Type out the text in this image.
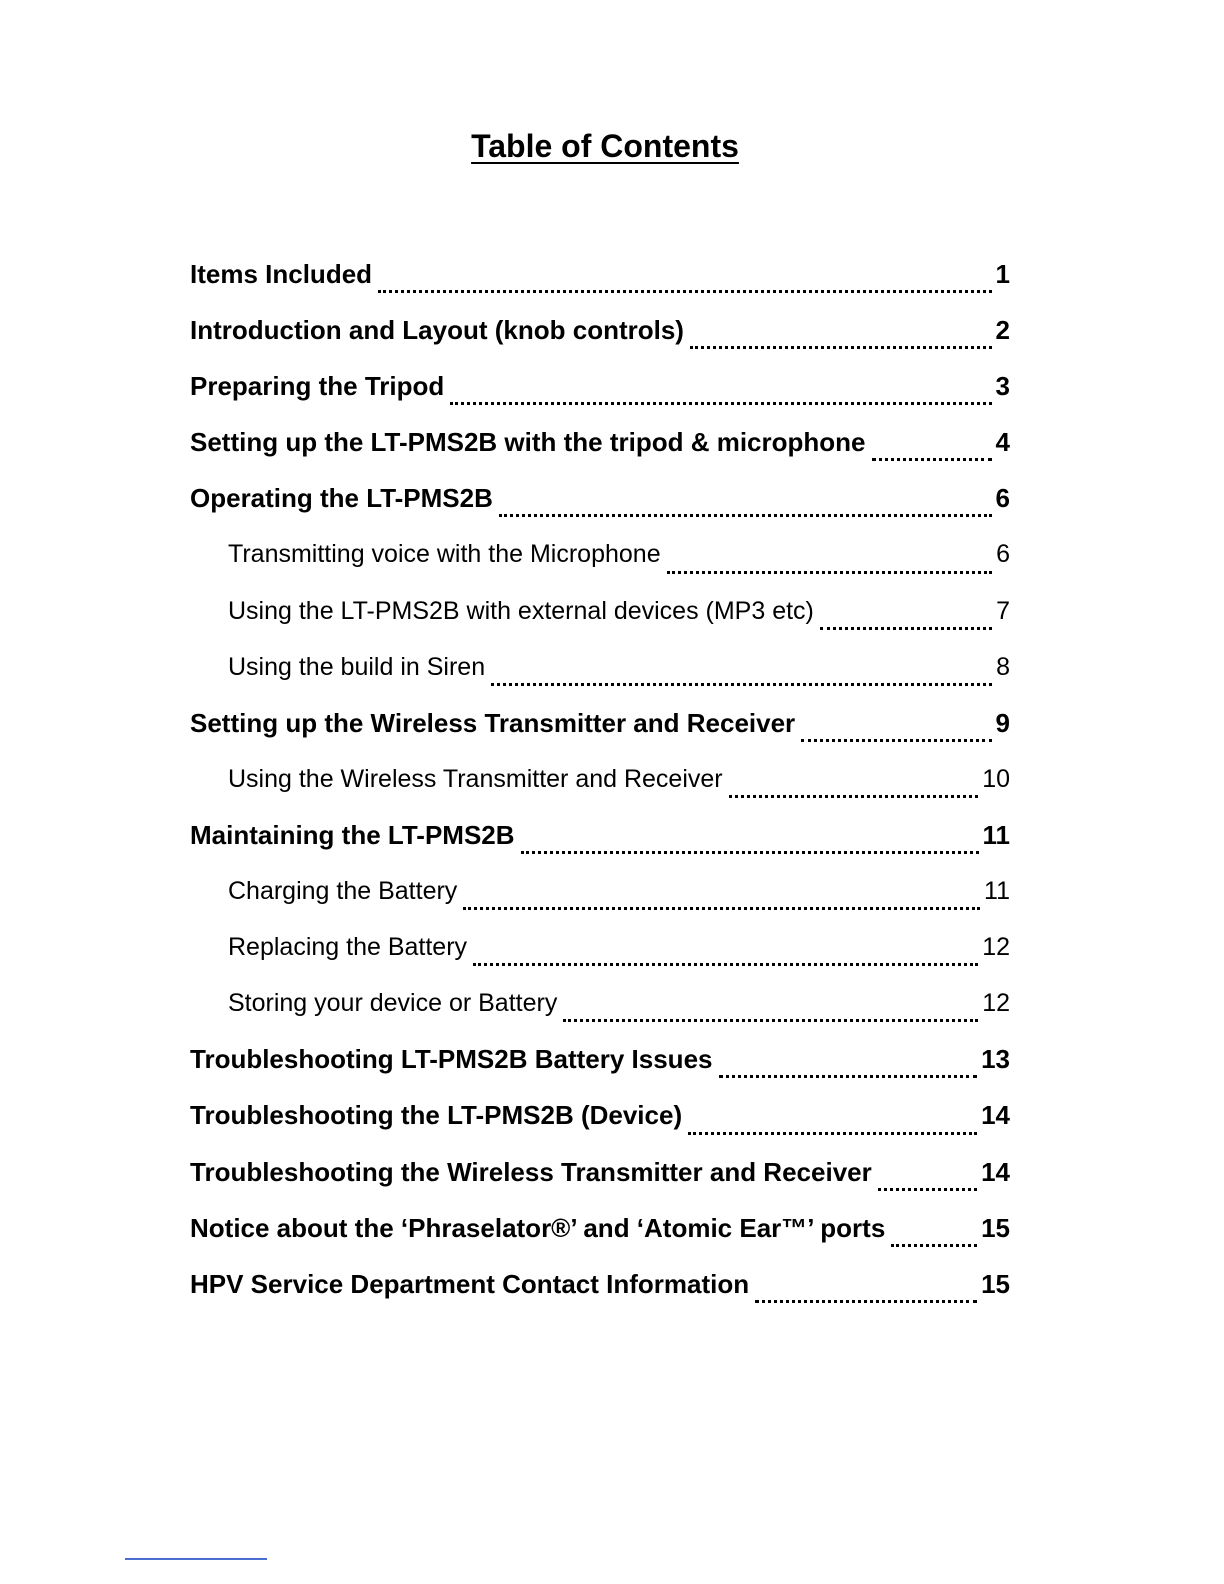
Table of Contents
Items Included	1
Introduction and Layout (knob controls)	2
Preparing the Tripod	3
Setting up the LT-PMS2B with the tripod & microphone	4
Operating the LT-PMS2B	6
Transmitting voice with the Microphone	6
Using the LT-PMS2B with external devices (MP3 etc)	7
Using the build in Siren	8
Setting up the Wireless Transmitter and Receiver	9
Using the Wireless Transmitter and Receiver	10
Maintaining the LT-PMS2B	11
Charging the Battery	11
Replacing the Battery	12
Storing your device or Battery	12
Troubleshooting LT-PMS2B Battery Issues	13
Troubleshooting the LT-PMS2B (Device)	14
Troubleshooting the Wireless Transmitter and Receiver	14
Notice about the ‘Phraselator®’ and ‘Atomic Ear™’ ports	15
HPV Service Department Contact Information	15
